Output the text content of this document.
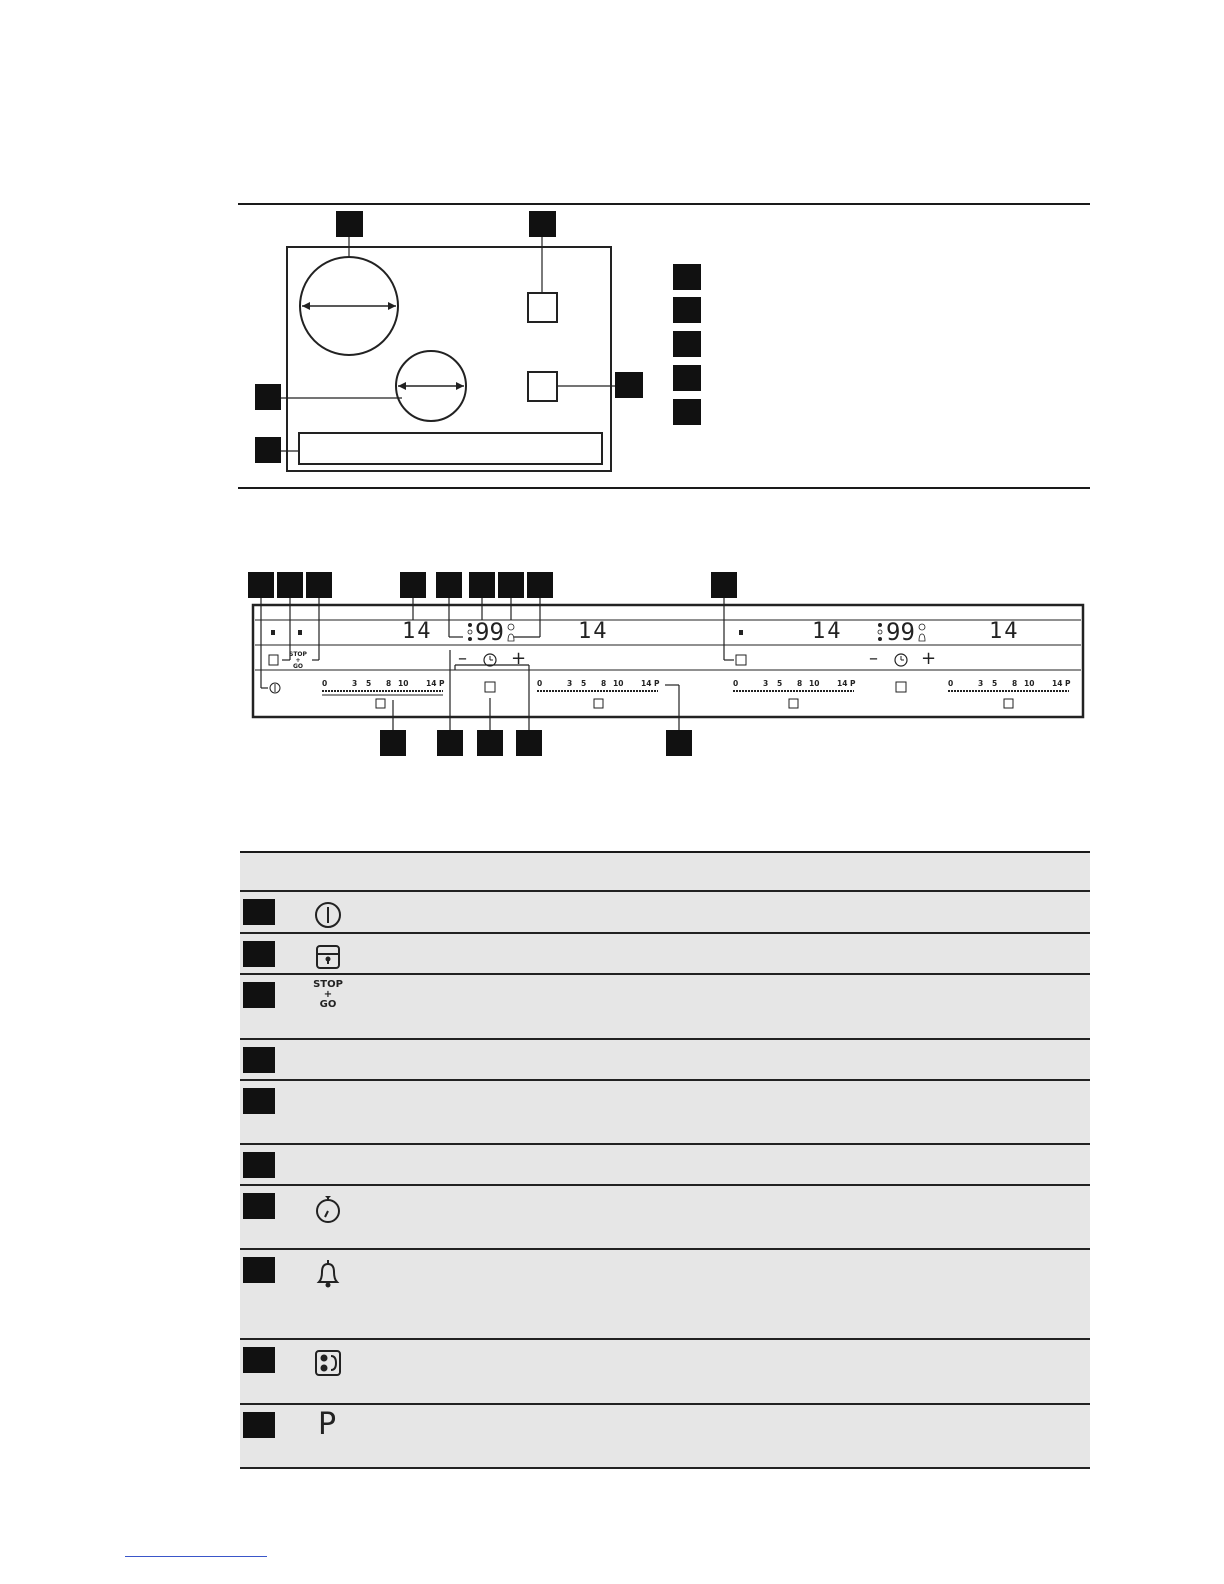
14 99	14	14 99	14
STOP
+
GO	– +	– +
0	3 5 8 10 14 P	0	3 5 8 10 14 P	0	3 5 8 10 14 P	0	3 5 8 10 14 P
STOP
+
GO
P
